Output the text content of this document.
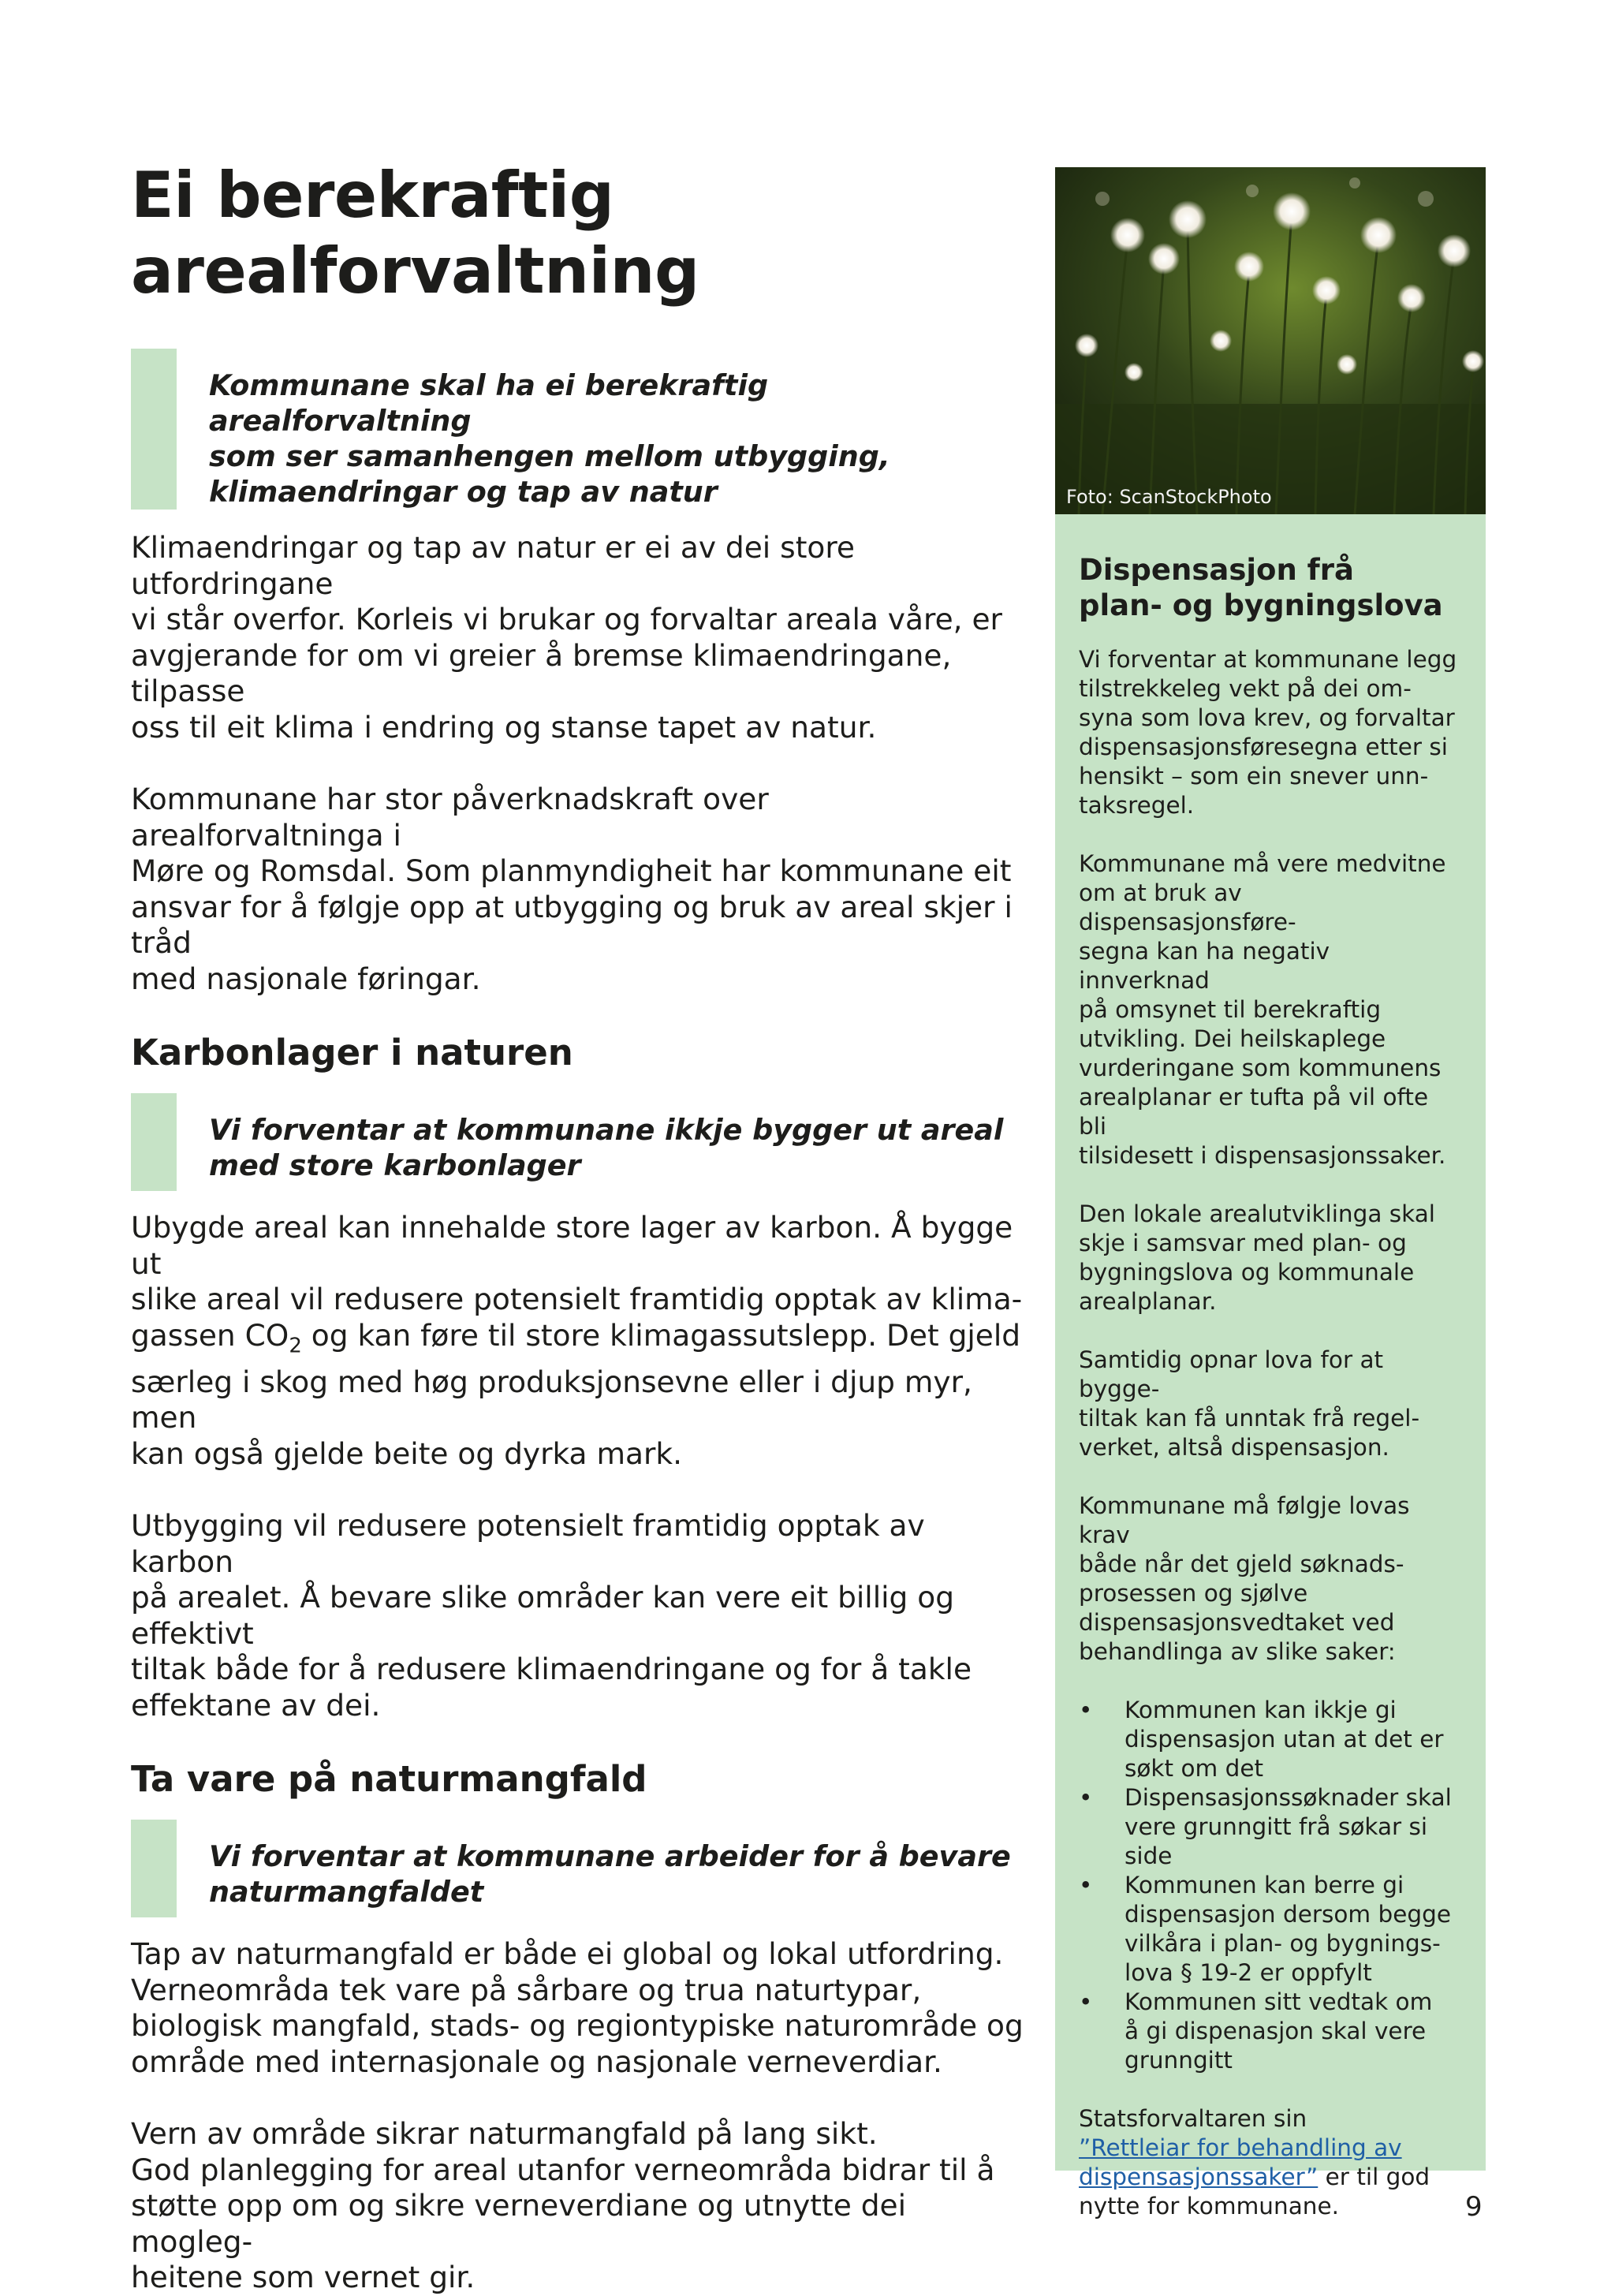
Ei berekraftig
arealforvaltning
Kommunane skal ha ei berekraftig arealforvaltning
som ser samanhengen mellom utbygging,
klimaendringar og tap av natur

Klimaendringar og tap av natur er ei av dei store utfordringane
vi står overfor. Korleis vi brukar og forvaltar areala våre, er
avgjerande for om vi greier å bremse klimaendringane, tilpasse
oss til eit klima i endring og stanse tapet av natur.

Kommunane har stor påverknadskraft over arealforvaltninga i
Møre og Romsdal. Som planmyndigheit har kommunane eit
ansvar for å følgje opp at utbygging og bruk av areal skjer i tråd
med nasjonale føringar.

Karbonlager i naturen
Vi forventar at kommunane ikkje bygger ut areal
med store karbonlager

Ubygde areal kan innehalde store lager av karbon. Å bygge ut
slike areal vil redusere potensielt framtidig opptak av klima-
gassen $CO_2$ og kan føre til store klimagassutslepp. Det gjeld
særleg i skog med høg produksjonsevne eller i djup myr, men
kan også gjelde beite og dyrka mark.

Utbygging vil redusere potensielt framtidig opptak av karbon
på arealet. Å bevare slike områder kan vere eit billig og effektivt
tiltak både for å redusere klimaendringane og for å takle
effektane av dei.

Ta vare på naturmangfald
Vi forventar at kommunane arbeider for å bevare
naturmangfaldet

Tap av naturmangfald er både ei global og lokal utfordring.
Verneområda tek vare på sårbare og trua naturtypar,
biologisk mangfald, stads- og regiontypiske naturområde og
område med internasjonale og nasjonale verneverdiar.

Vern av område sikrar naturmangfald på lang sikt.
God planlegging for areal utanfor verneområda bidrar til å
støtte opp om og sikre verneverdiane og utnytte dei mogleg-
heitene som vernet gir.

Foto: ScanStockPhoto
Dispensasjon frå
plan- og bygningslova

Vi forventar at kommunane legg
tilstrekkeleg vekt på dei om-
syna som lova krev, og forvaltar
dispensasjonsføresegna etter si
hensikt – som ein snever unn-
taksregel.

Kommunane må vere medvitne
om at bruk av dispensasjonsføre-
segna kan ha negativ innverknad
på omsynet til berekraftig
utvikling. Dei heilskaplege
vurderingane som kommunens
arealplanar er tufta på vil ofte bli
tilsidesett i dispensasjonssaker.

Den lokale arealutviklinga skal
skje i samsvar med plan- og
bygningslova og kommunale
arealplanar.

Samtidig opnar lova for at bygge-
tiltak kan få unntak frå regel-
verket, altså dispensasjon.

Kommunane må følgje lovas krav
både når det gjeld søknads-
prosessen og sjølve
dispensasjonsvedtaket ved
behandlinga av slike saker:

• Kommunen kan ikkje gi
dispensasjon utan at det er
søkt om det
• Dispensasjonssøknader skal
vere grunngitt frå søkar si
side
• Kommunen kan berre gi
dispensasjon dersom begge
vilkåra i plan- og bygnings-
lova § 19-2 er oppfylt
• Kommunen sitt vedtak om
å gi dispenasjon skal vere
grunngitt

Statsforvaltaren sin
”Rettleiar for behandling av
dispensasjonssaker” er til god
nytte for kommunane.	9
